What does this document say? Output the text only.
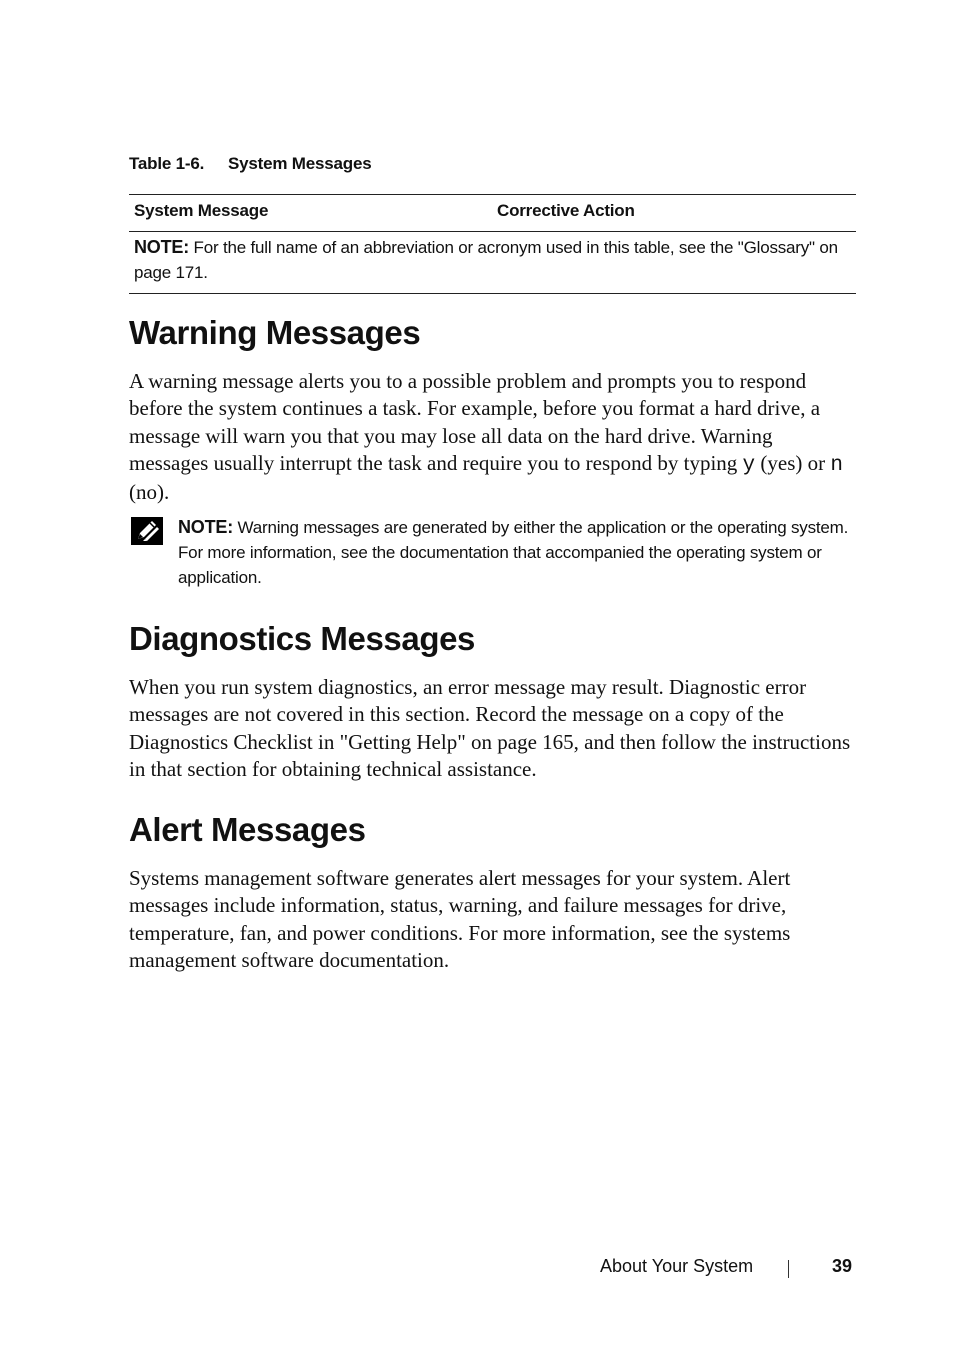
Table 1-6. System Messages
System Message	Corrective Action
NOTE: For the full name of an abbreviation or acronym used in this table, see the "Glossary" on page 171.
Warning Messages

A warning message alerts you to a possible problem and prompts you to respond before the system continues a task. For example, before you format a hard drive, a message will warn you that you may lose all data on the hard drive. Warning messages usually interrupt the task and require you to respond by typing y (yes) or n (no).

NOTE: Warning messages are generated by either the application or the operating system. For more information, see the documentation that accompanied the operating system or application.
Diagnostics Messages

When you run system diagnostics, an error message may result. Diagnostic error messages are not covered in this section. Record the message on a copy of the Diagnostics Checklist in "Getting Help" on page 165, and then follow the instructions in that section for obtaining technical assistance.

Alert Messages

Systems management software generates alert messages for your system. Alert messages include information, status, warning, and failure messages for drive, temperature, fan, and power conditions. For more information, see the systems management software documentation.

About Your System	39
